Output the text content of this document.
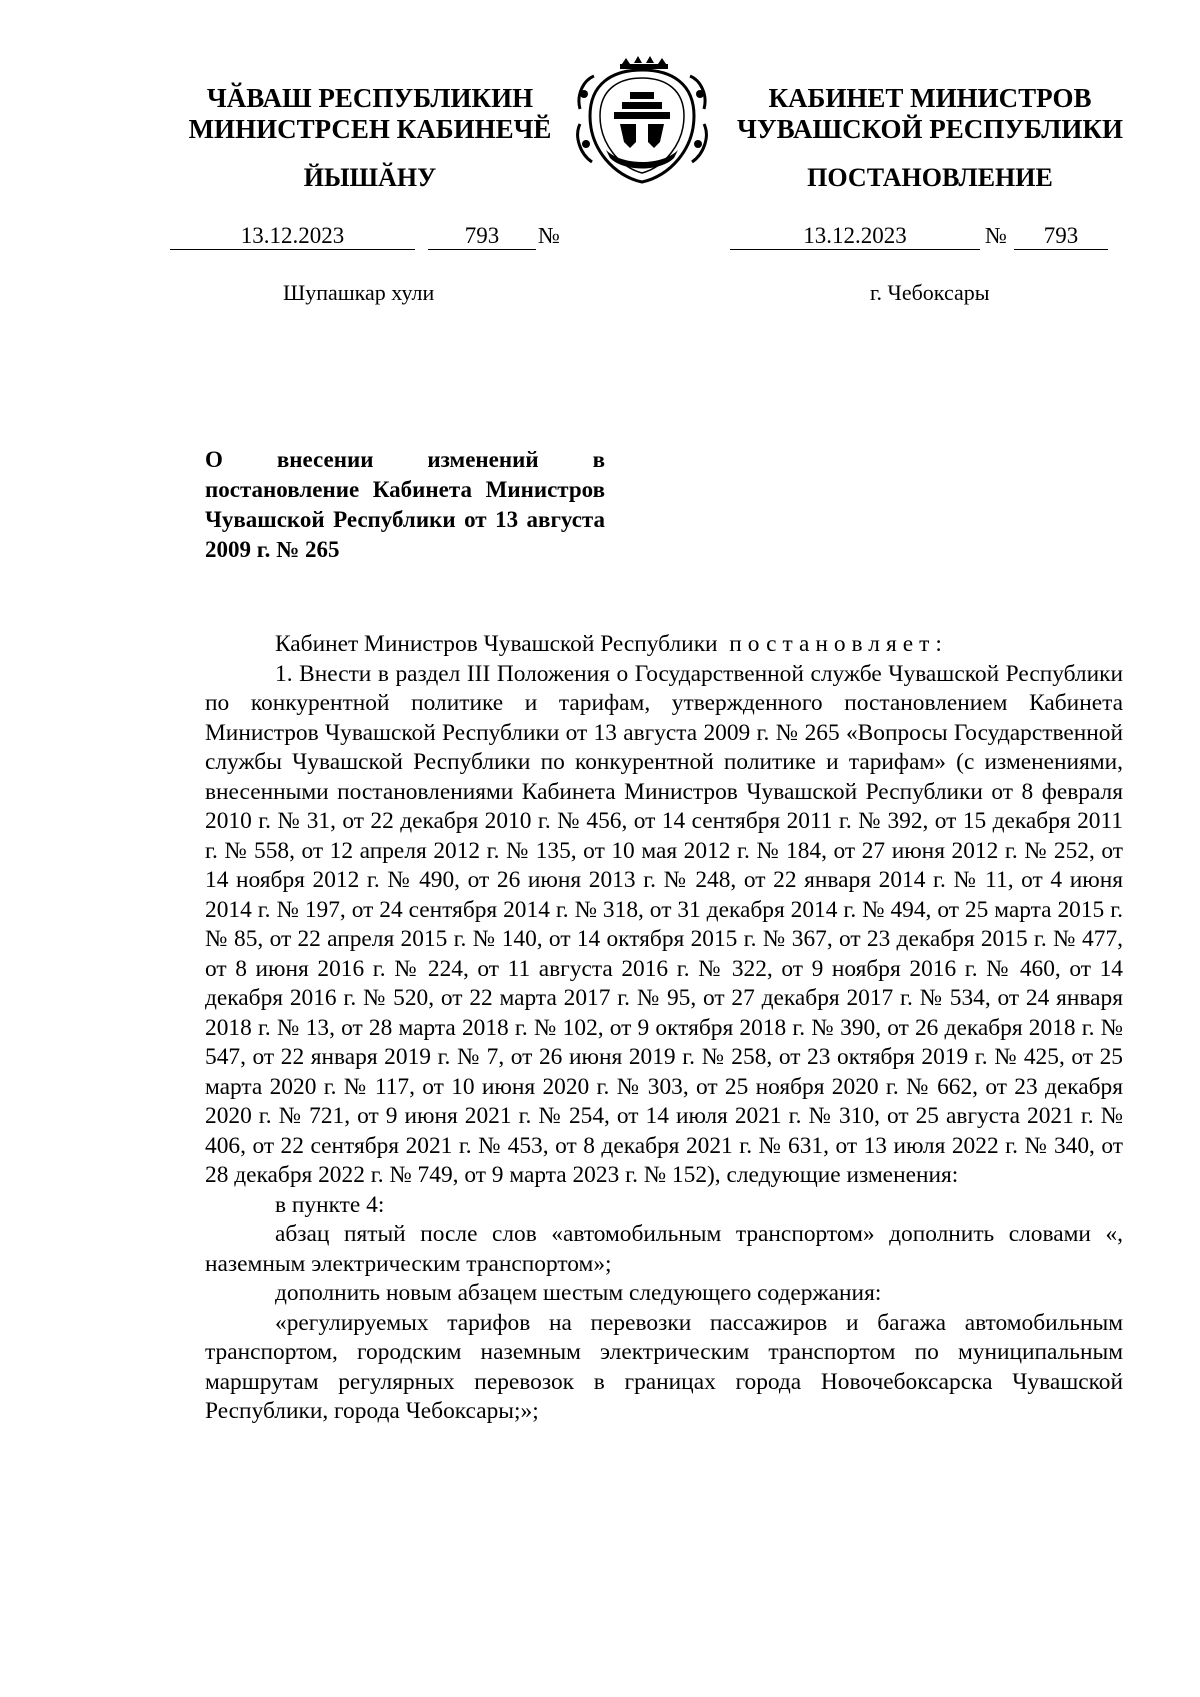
ЧӐВАШ РЕСПУБЛИКИН
МИНИСТРСЕН КАБИНЕЧӖ
ЙЫШӐНУ
КАБИНЕТ МИНИСТРОВ
ЧУВАШСКОЙ РЕСПУБЛИКИ
ПОСТАНОВЛЕНИЕ
13.12.2023	793	№	13.12.2023	№	793
Шупашкар хули	г. Чебоксары
О внесении изменений в постановление Кабинета Министров Чувашской Республики от 13 августа 2009 г. № 265

Кабинет Министров Чувашской Республики постановляет:

1. Внести в раздел III Положения о Государственной службе Чувашской Республики по конкурентной политике и тарифам, утвержденного постановлением Кабинета Министров Чувашской Республики от 13 августа 2009 г. № 265 «Вопросы Государственной службы Чувашской Республики по конкурентной политике и тарифам» (с изменениями, внесенными постановлениями Кабинета Министров Чувашской Республики от 8 февраля 2010 г. № 31, от 22 декабря 2010 г. № 456, от 14 сентября 2011 г. № 392, от 15 декабря 2011 г. № 558, от 12 апреля 2012 г. № 135, от 10 мая 2012 г. № 184, от 27 июня 2012 г. № 252, от 14 ноября 2012 г. № 490, от 26 июня 2013 г. № 248, от 22 января 2014 г. № 11, от 4 июня 2014 г. № 197, от 24 сентября 2014 г. № 318, от 31 декабря 2014 г. № 494, от 25 марта 2015 г. № 85, от 22 апреля 2015 г. № 140, от 14 октября 2015 г. № 367, от 23 декабря 2015 г. № 477, от 8 июня 2016 г. № 224, от 11 августа 2016 г. № 322, от 9 ноября 2016 г. № 460, от 14 декабря 2016 г. № 520, от 22 марта 2017 г. № 95, от 27 декабря 2017 г. № 534, от 24 января 2018 г. № 13, от 28 марта 2018 г. № 102, от 9 октября 2018 г. № 390, от 26 декабря 2018 г. № 547, от 22 января 2019 г. № 7, от 26 июня 2019 г. № 258, от 23 октября 2019 г. № 425, от 25 марта 2020 г. № 117, от 10 июня 2020 г. № 303, от 25 ноября 2020 г. № 662, от 23 декабря 2020 г. № 721, от 9 июня 2021 г. № 254, от 14 июля 2021 г. № 310, от 25 августа 2021 г. № 406, от 22 сентября 2021 г. № 453, от 8 декабря 2021 г. № 631, от 13 июля 2022 г. № 340, от 28 декабря 2022 г. № 749, от 9 марта 2023 г. № 152), следующие изменения:

в пункте 4:

абзац пятый после слов «автомобильным транспортом» дополнить словами «, наземным электрическим транспортом»;

дополнить новым абзацем шестым следующего содержания:

«регулируемых тарифов на перевозки пассажиров и багажа автомобильным транспортом, городским наземным электрическим транспортом по муниципальным маршрутам регулярных перевозок в границах города Новочебоксарска Чувашской Республики, города Чебоксары;»;
